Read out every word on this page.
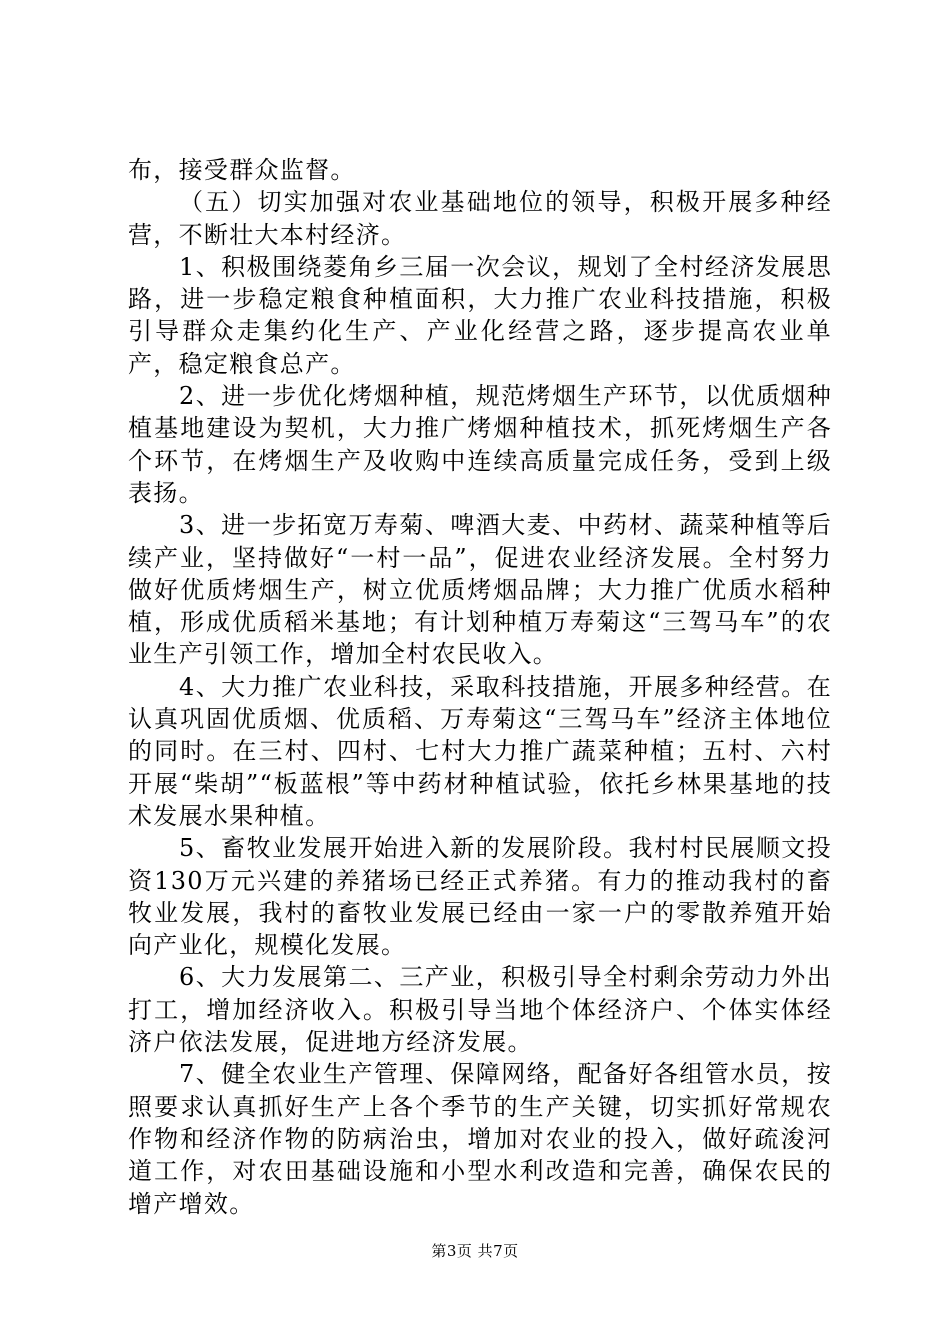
布，接受群众监督。

（五）切实加强对农业基础地位的领导，积极开展多种经营，不断壮大本村经济。

1、积极围绕菱角乡三届一次会议，规划了全村经济发展思路，进一步稳定粮食种植面积，大力推广农业科技措施，积极引导群众走集约化生产、产业化经营之路，逐步提高农业单产，稳定粮食总产。

2、进一步优化烤烟种植，规范烤烟生产环节，以优质烟种植基地建设为契机，大力推广烤烟种植技术，抓死烤烟生产各个环节，在烤烟生产及收购中连续高质量完成任务，受到上级表扬。

3、进一步拓宽万寿菊、啤酒大麦、中药材、蔬菜种植等后续产业，坚持做好“一村一品”，促进农业经济发展。全村努力做好优质烤烟生产，树立优质烤烟品牌；大力推广优质水稻种植，形成优质稻米基地；有计划种植万寿菊这“三驾马车”的农业生产引领工作，增加全村农民收入。

4、大力推广农业科技，采取科技措施，开展多种经营。在认真巩固优质烟、优质稻、万寿菊这“三驾马车”经济主体地位的同时。在三村、四村、七村大力推广蔬菜种植；五村、六村开展“柴胡”“板蓝根”等中药材种植试验，依托乡林果基地的技术发展水果种植。

5、畜牧业发展开始进入新的发展阶段。我村村民展顺文投资130万元兴建的养猪场已经正式养猪。有力的推动我村的畜牧业发展，我村的畜牧业发展已经由一家一户的零散养殖开始向产业化，规模化发展。

6、大力发展第二、三产业，积极引导全村剩余劳动力外出打工，增加经济收入。积极引导当地个体经济户、个体实体经济户依法发展，促进地方经济发展。

7、健全农业生产管理、保障网络，配备好各组管水员，按照要求认真抓好生产上各个季节的生产关键，切实抓好常规农作物和经济作物的防病治虫，增加对农业的投入，做好疏浚河道工作，对农田基础设施和小型水利改造和完善，确保农民的增产增效。

第3页 共7页
